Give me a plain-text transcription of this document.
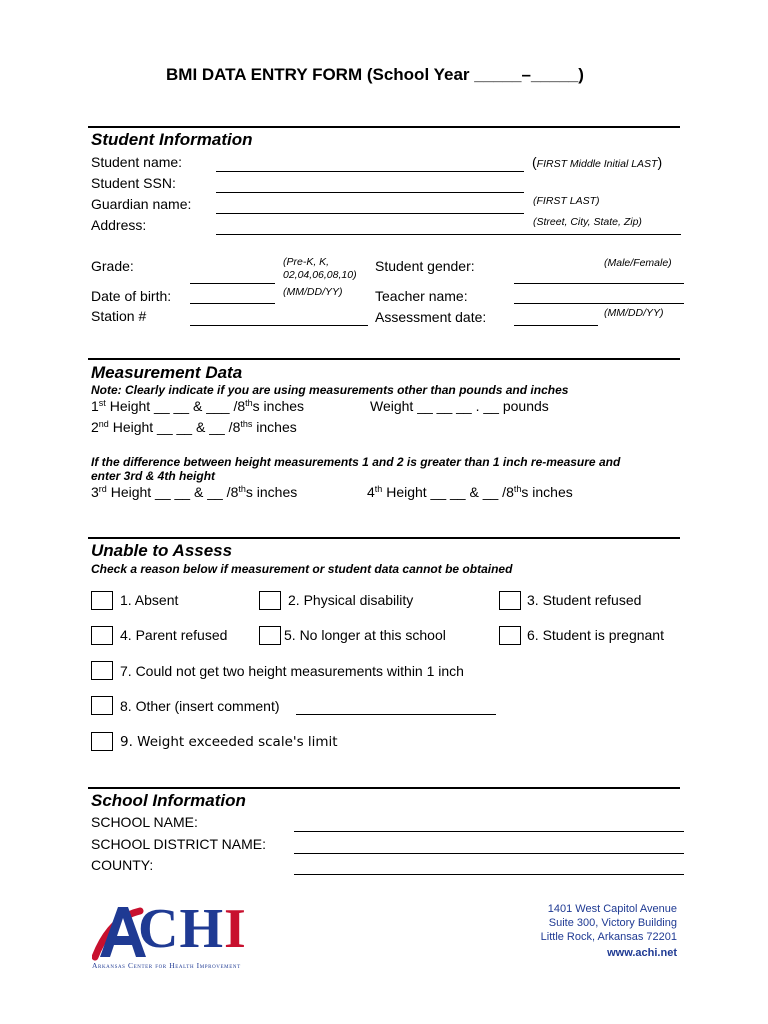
BMI DATA ENTRY FORM (School Year _____–_____)
Student Information
Student name:	(FIRST Middle Initial LAST)
Student SSN:
Guardian name:	(FIRST LAST)
Address:	(Street, City, State, Zip)
Grade:	(Pre-K, K,
02,04,06,08,10)
Date of birth:	(MM/DD/YY)
Station #
Student gender:	(Male/Female)
Teacher name:
Assessment date:	(MM/DD/YY)
Measurement Data
Note: Clearly indicate if you are using measurements other than pounds and inches
1st Height __ __ & ___ /8ths inches	Weight __ __ __ . __ pounds
2nd Height __ __ & __ $/8^{ths}$ inches
If the difference between height measurements 1 and 2 is greater than 1 inch re-measure and
enter 3rd & 4th height
3rd Height __ __ & __ /8ths inches	4th Height __ __ & __ /8ths inches
Unable to Assess
Check a reason below if measurement or student data cannot be obtained
1. Absent	2. Physical disability	3. Student refused
4. Parent refused	5. No longer at this school	6. Student is pregnant
7. Could not get two height measurements within 1 inch
8. Other (insert comment)
9. Weight exceeded scale's limit
School Information
SCHOOL NAME:
SCHOOL DISTRICT NAME:
COUNTY:
CHI
Arkansas Center for Health Improvement
1401 West Capitol Avenue
Suite 300, Victory Building
Little Rock, Arkansas 72201
www.achi.net
